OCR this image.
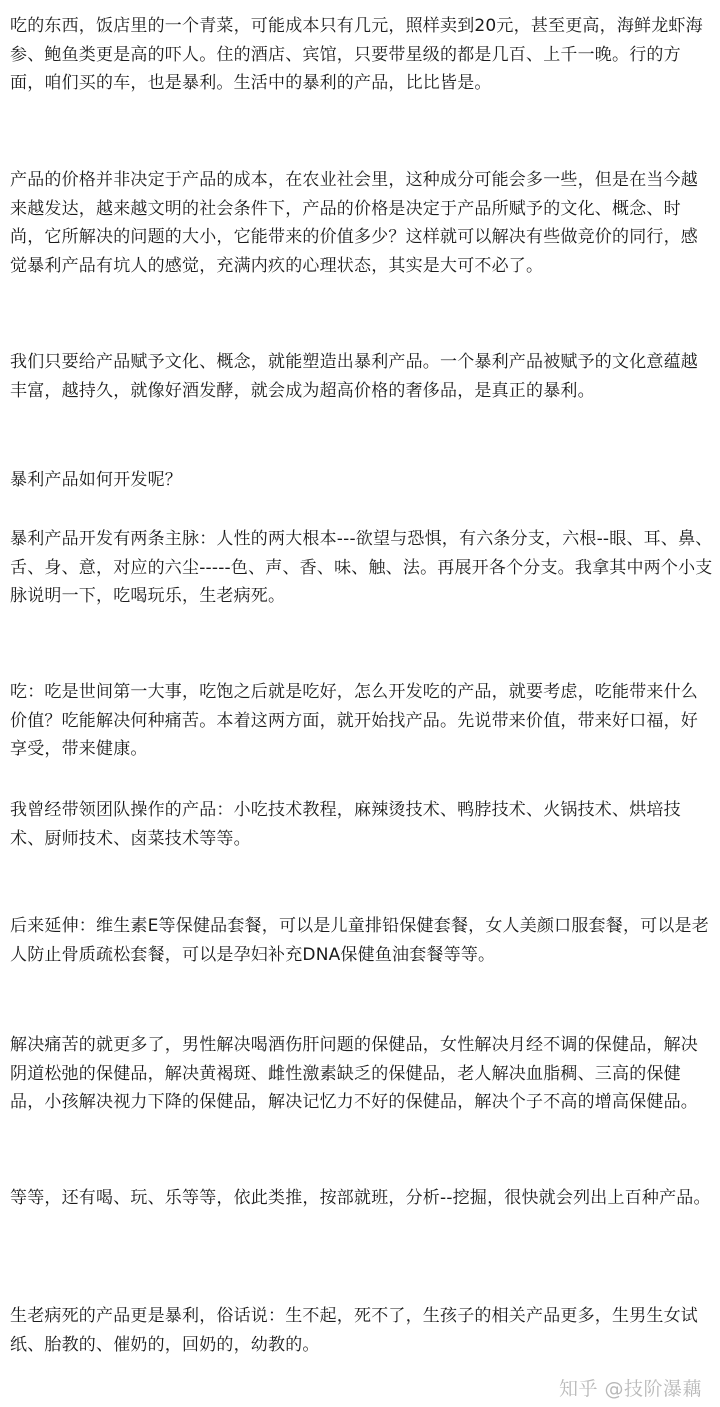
吃的东西，饭店里的一个青菜，可能成本只有几元，照样卖到20元，甚至更高，海鲜龙虾海参、鲍鱼类更是高的吓人。住的酒店、宾馆，只要带星级的都是几百、上千一晚。行的方面，咱们买的车，也是暴利。生活中的暴利的产品，比比皆是。

产品的价格并非决定于产品的成本，在农业社会里，这种成分可能会多一些，但是在当今越来越发达，越来越文明的社会条件下，产品的价格是决定于产品所赋予的文化、概念、时尚，它所解决的问题的大小，它能带来的价值多少？这样就可以解决有些做竞价的同行，感觉暴利产品有坑人的感觉，充满内疚的心理状态，其实是大可不必了。

我们只要给产品赋予文化、概念，就能塑造出暴利产品。一个暴利产品被赋予的文化意蕴越丰富，越持久，就像好酒发酵，就会成为超高价格的奢侈品，是真正的暴利。

暴利产品如何开发呢？

暴利产品开发有两条主脉：人性的两大根本---欲望与恐惧，有六条分支，六根--眼、耳、鼻、舌、身、意，对应的六尘-----色、声、香、味、触、法。再展开各个分支。我拿其中两个小支脉说明一下，吃喝玩乐，生老病死。

吃：吃是世间第一大事，吃饱之后就是吃好，怎么开发吃的产品，就要考虑，吃能带来什么价值？吃能解决何种痛苦。本着这两方面，就开始找产品。先说带来价值，带来好口福，好享受，带来健康。

我曾经带领团队操作的产品：小吃技术教程，麻辣烫技术、鸭脖技术、火锅技术、烘培技术、厨师技术、卤菜技术等等。

后来延伸：维生素E等保健品套餐，可以是儿童排铅保健套餐，女人美颜口服套餐，可以是老人防止骨质疏松套餐，可以是孕妇补充DNA保健鱼油套餐等等。

解决痛苦的就更多了，男性解决喝酒伤肝问题的保健品，女性解决月经不调的保健品，解决阴道松弛的保健品，解决黄褐斑、雌性激素缺乏的保健品，老人解决血脂稠、三高的保健品，小孩解决视力下降的保健品，解决记忆力不好的保健品，解决个子不高的增高保健品。

等等，还有喝、玩、乐等等，依此类推，按部就班，分析--挖掘，很快就会列出上百种产品。

生老病死的产品更是暴利，俗话说：生不起，死不了，生孩子的相关产品更多，生男生女试纸、胎教的、催奶的，回奶的，幼教的。

知乎 @技阶瀑藕
